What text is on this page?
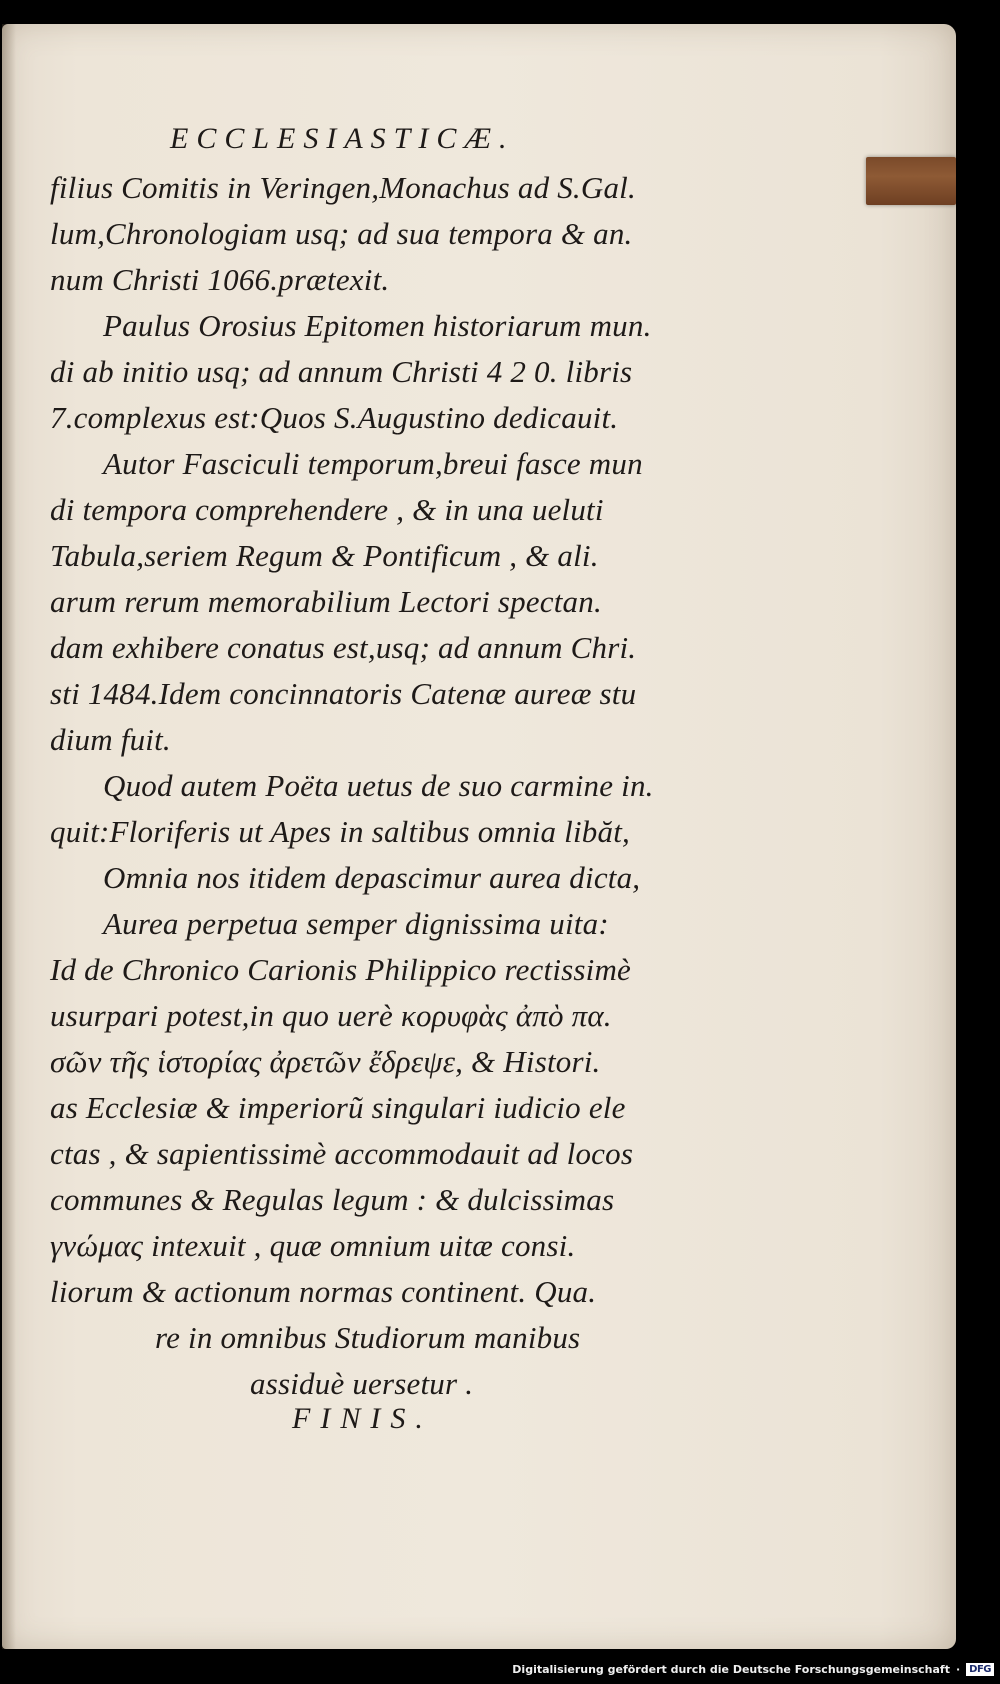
ECCLESIASTICÆ.
filius Comitis in Veringen,Monachus ad S.Gal.
lum,Chronologiam usq; ad sua tempora & an.
num Christi 1066.prætexit.
Paulus Orosius Epitomen historiarum mun.
di ab initio usq; ad annum Christi 4 2 0. libris
7.complexus est:Quos S.Augustino dedicauit.
Autor Fasciculi temporum,breui fasce mun
di tempora comprehendere , & in una ueluti
Tabula,seriem Regum & Pontificum , & ali.
arum rerum memorabilium Lectori spectan.
dam exhibere conatus est,usq; ad annum Chri.
sti 1484.Idem concinnatoris Catenæ aureæ stu
dium fuit.
Quod autem Poëta uetus de suo carmine in.
quit:Floriferis ut Apes in saltibus omnia libăt,
Omnia nos itidem depascimur aurea dicta,
Aurea perpetua semper dignissima uita:
Id de Chronico Carionis Philippico rectissimè
usurpari potest,in quo uerè κορυφὰς ἀπὸ πα.
σῶν τῆς ἱστορίας ἀρετῶν ἔδρεψε, & Histori.
as Ecclesiæ & imperiorũ singulari iudicio ele
ctas , & sapientissimè accommodauit ad locos
communes & Regulas legum : & dulcissimas
γνώμας intexuit , quæ omnium uitæ consi.
liorum & actionum normas continent. Qua.
re in omnibus Studiorum manibus
assiduè uersetur .
FINIS.
Digitalisierung gefördert durch die Deutsche Forschungsgemeinschaft · DFG
